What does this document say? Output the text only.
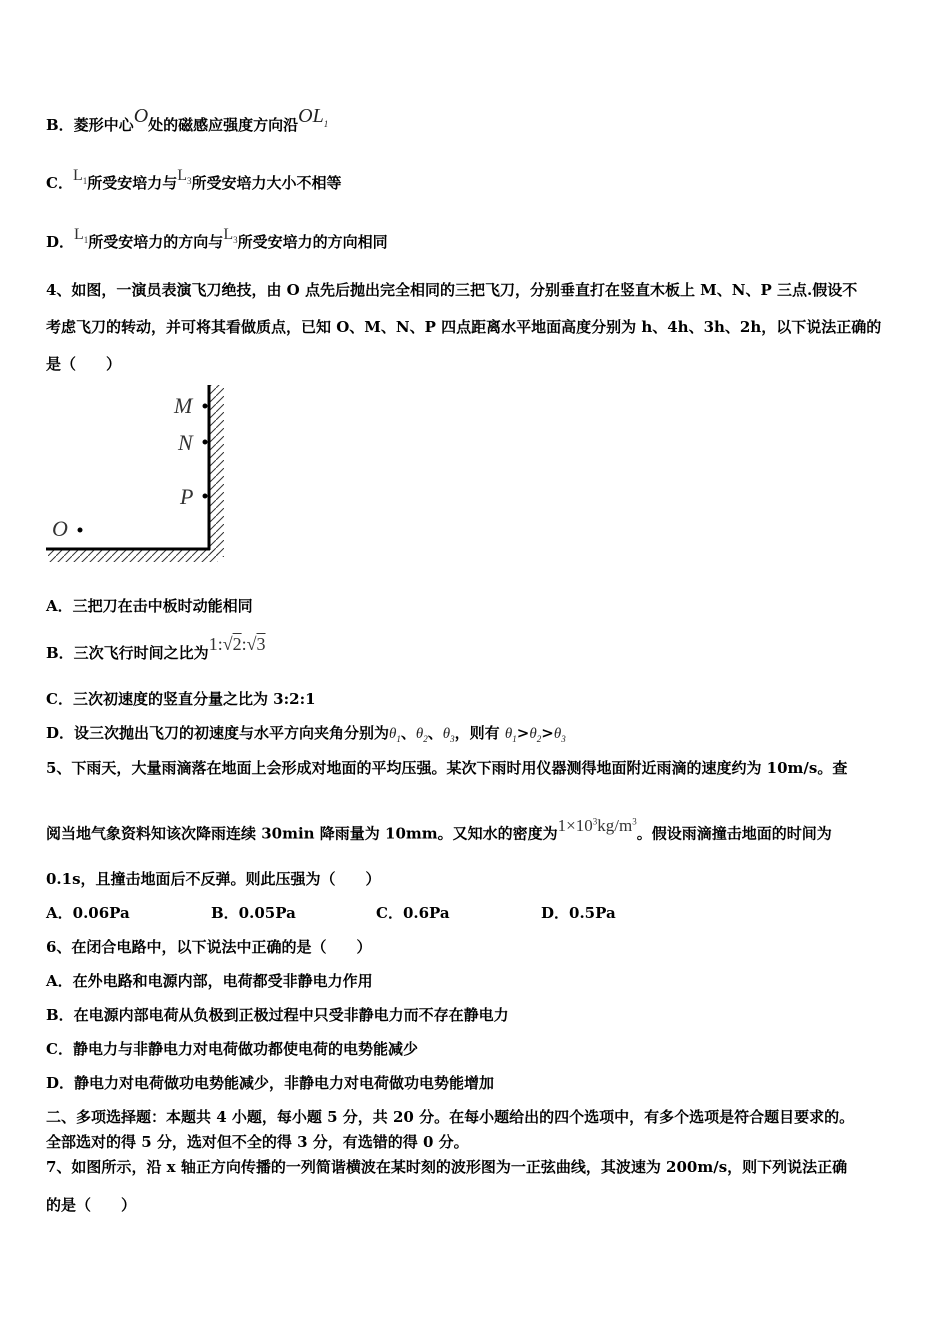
B．菱形中心O处的磁感应强度方向沿$OL_1$
C．$L_1$所受安培力与$L_3$所受安培力大小不相等
D．$L_1$所受安培力的方向与$L_3$所受安培力的方向相同
4、如图，一演员表演飞刀绝技，由 O 点先后抛出完全相同的三把飞刀，分别垂直打在竖直木板上 M、N、P 三点.假设不
考虑飞刀的转动，并可将其看做质点，已知 O、M、N、P 四点距离水平地面高度分别为 h、4h、3h、2h，以下说法正确的
是（　　）
M
N
P
O
A．三把刀在击中板时动能相同
B．三次飞行时间之比为1:√2:√3
C．三次初速度的竖直分量之比为 3:2:1
D．设三次抛出飞刀的初速度与水平方向夹角分别为$\theta_1$、$\theta_2$、$\theta_3$，则有 $\theta_1>\theta_2>\theta_3$
5、下雨天，大量雨滴落在地面上会形成对地面的平均压强。某次下雨时用仪器测得地面附近雨滴的速度约为 10m/s。查
阅当地气象资料知该次降雨连续 30min 降雨量为 10mm。又知水的密度为$1\times 10^3kg/m^3$。假设雨滴撞击地面的时间为
0.1s，且撞击地面后不反弹。则此压强为（　　）
A．0.06Pa	B．0.05Pa	C．0.6Pa	D．0.5Pa
6、在闭合电路中，以下说法中正确的是（　　）
A．在外电路和电源内部，电荷都受非静电力作用
B．在电源内部电荷从负极到正极过程中只受非静电力而不存在静电力
C．静电力与非静电力对电荷做功都使电荷的电势能减少
D．静电力对电荷做功电势能减少，非静电力对电荷做功电势能增加
二、多项选择题：本题共 4 小题，每小题 5 分，共 20 分。在每小题给出的四个选项中，有多个选项是符合题目要求的。
全部选对的得 5 分，选对但不全的得 3 分，有选错的得 0 分。
7、如图所示，沿 x 轴正方向传播的一列简谐横波在某时刻的波形图为一正弦曲线，其波速为 200m/s，则下列说法正确
的是（　　）
